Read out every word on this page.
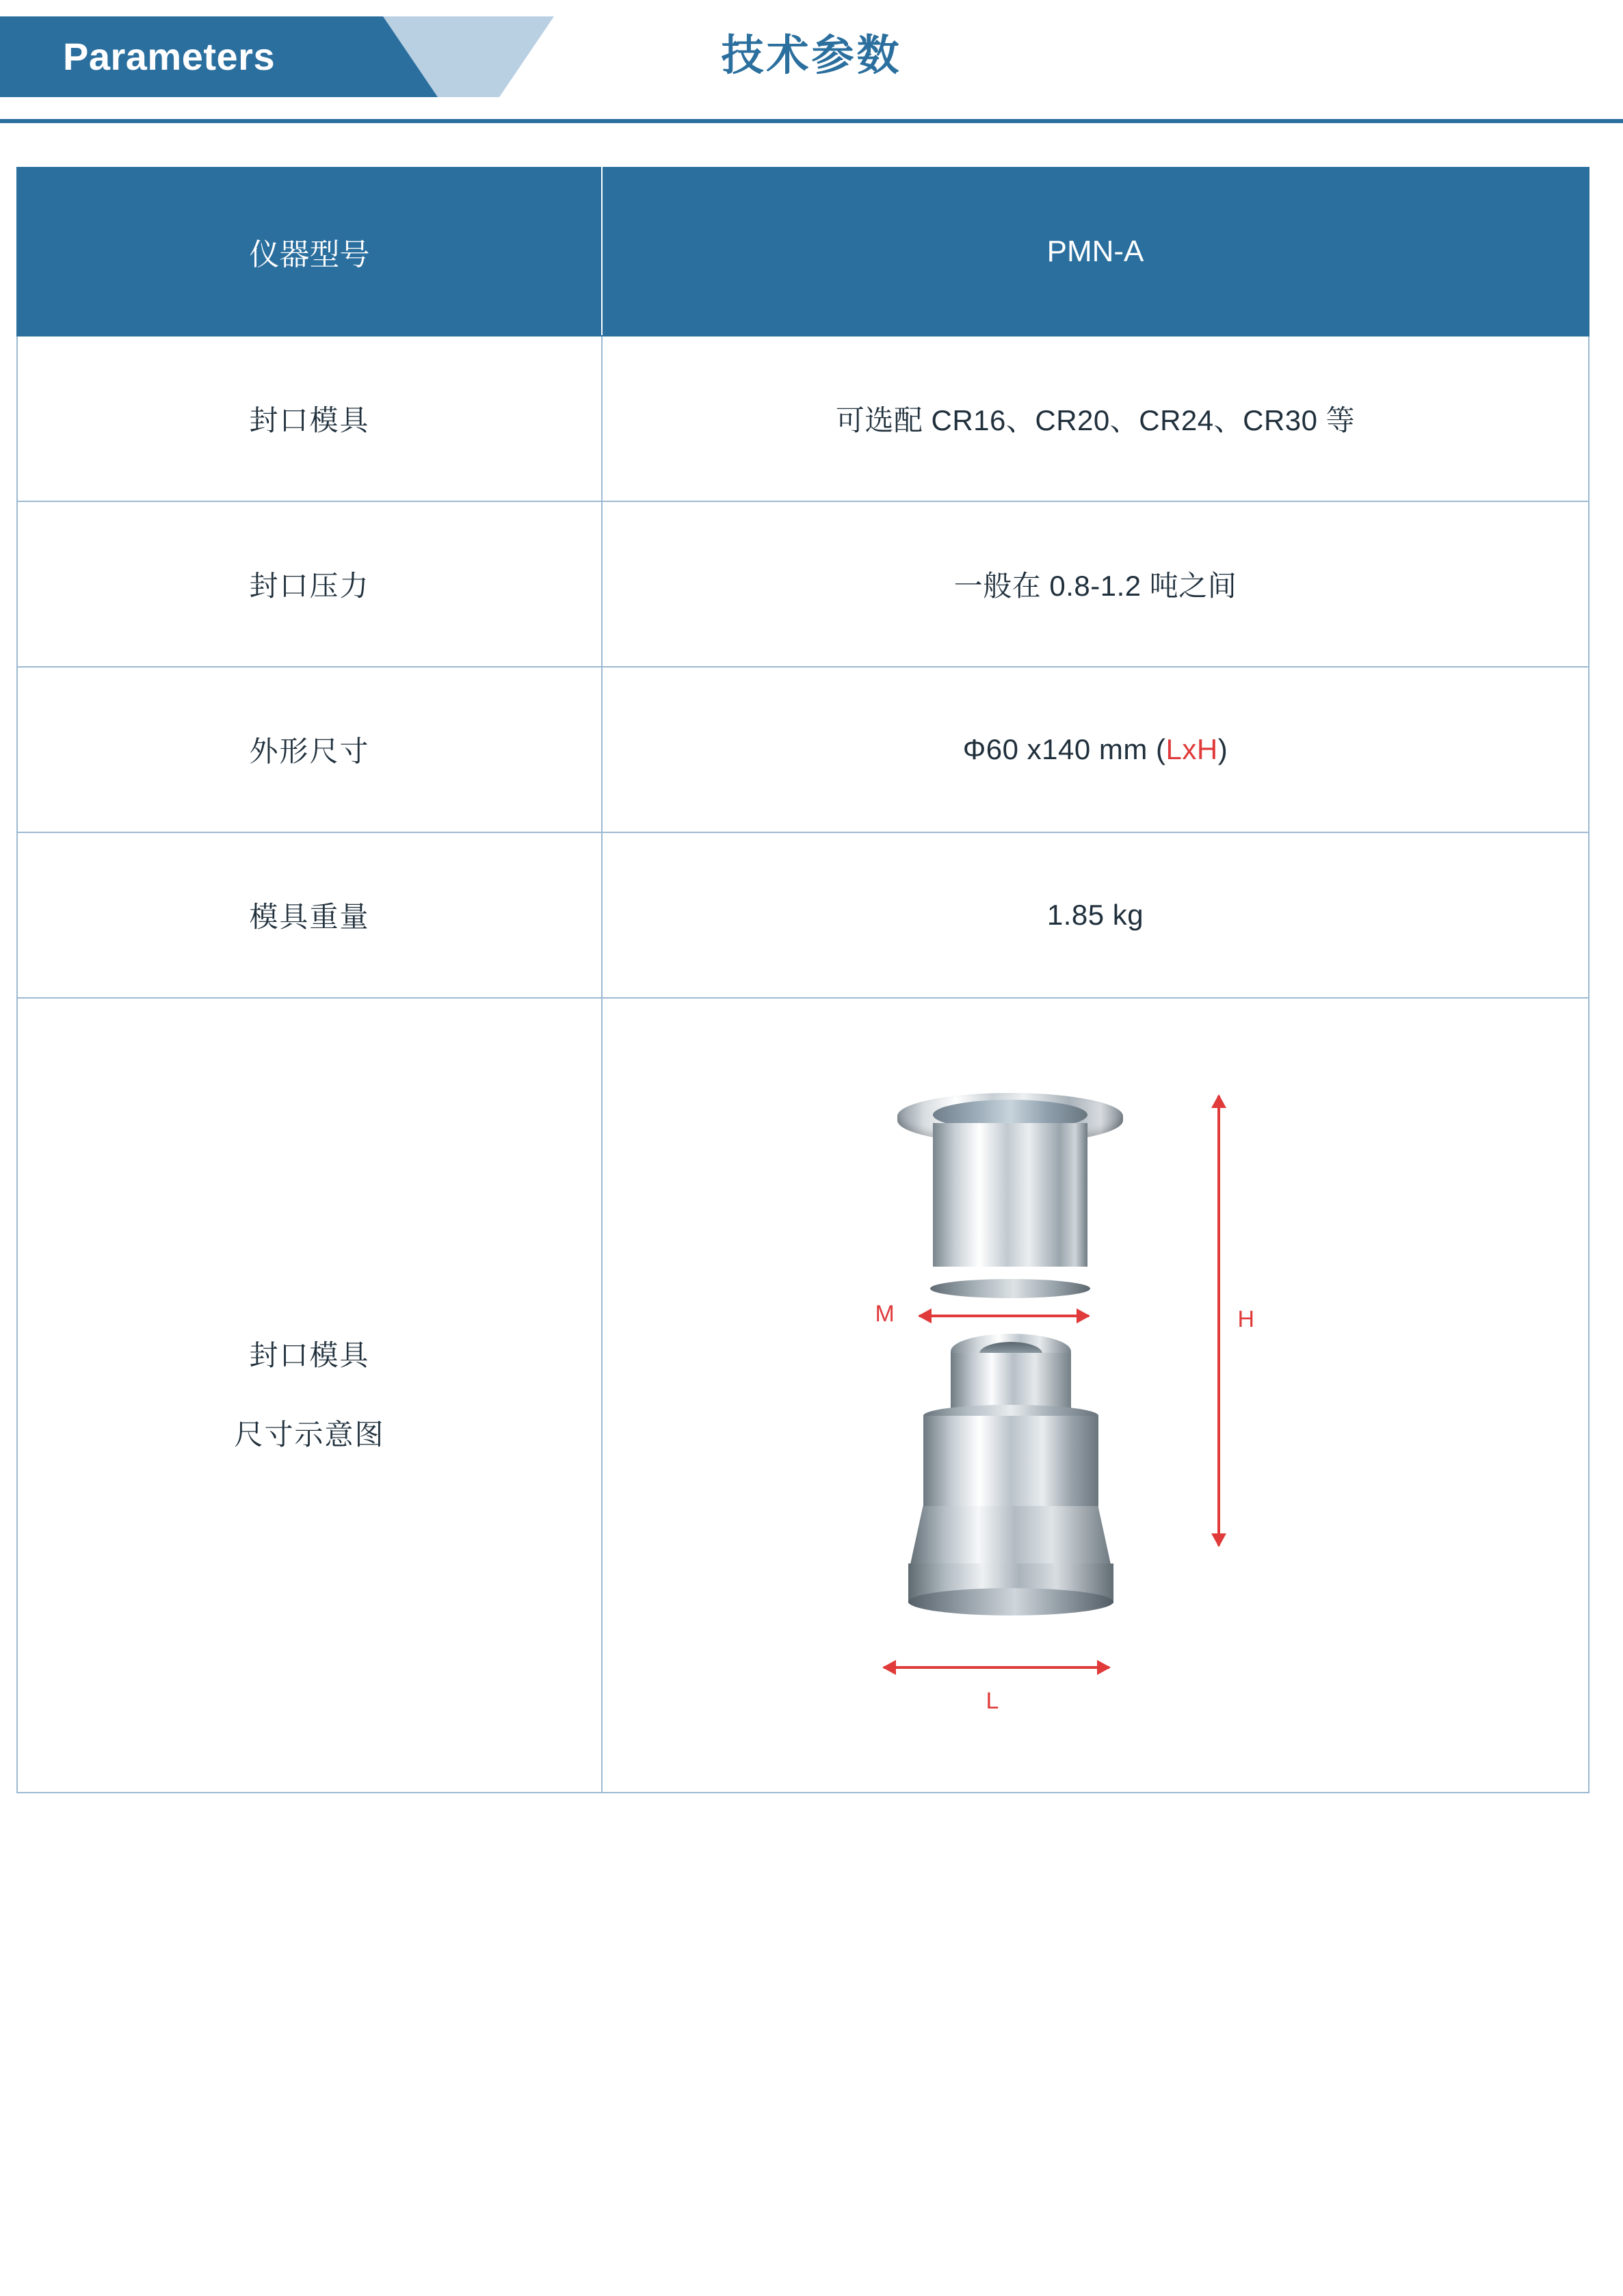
Parameters	技术参数
仪器型号	PMN-A
封口模具	可选配 CR16、CR20、CR24、CR30 等
封口压力	一般在 0.8-1.2 吨之间
外形尺寸	Φ60 x140 mm (LxH)
模具重量	1.85 kg

封口模具
尺寸示意图

M
L
H
